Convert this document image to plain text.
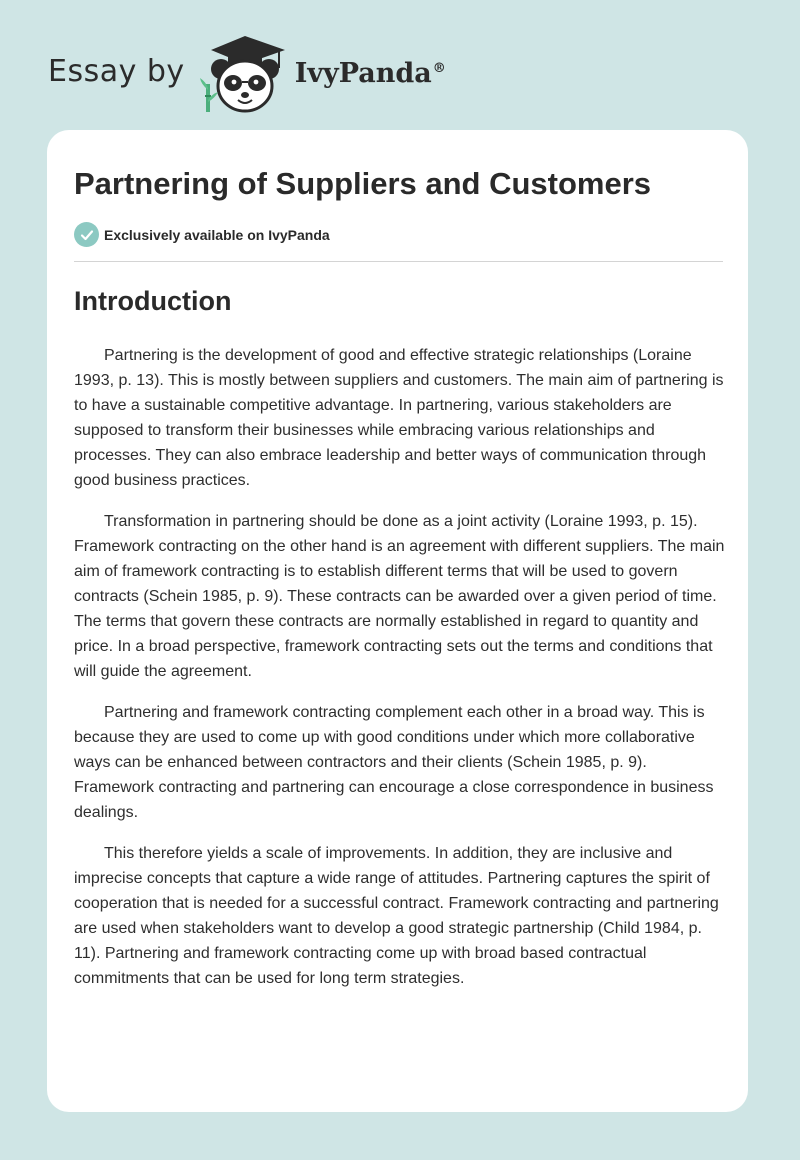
Essay by	IvyPanda®
Partnering of Suppliers and Customers
Exclusively available on IvyPanda
Introduction

Partnering is the development of good and effective strategic relationships (Loraine 1993, p. 13). This is mostly between suppliers and customers. The main aim of partnering is to have a sustainable competitive advantage. In partnering, various stakeholders are supposed to transform their businesses while embracing various relationships and processes. They can also embrace leadership and better ways of communication through good business practices.

Transformation in partnering should be done as a joint activity (Loraine 1993, p. 15). Framework contracting on the other hand is an agreement with different suppliers. The main aim of framework contracting is to establish different terms that will be used to govern contracts (Schein 1985, p. 9). These contracts can be awarded over a given period of time. The terms that govern these contracts are normally established in regard to quantity and price. In a broad perspective, framework contracting sets out the terms and conditions that will guide the agreement.

Partnering and framework contracting complement each other in a broad way. This is because they are used to come up with good conditions under which more collaborative ways can be enhanced between contractors and their clients (Schein 1985, p. 9). Framework contracting and partnering can encourage a close correspondence in business dealings.

This therefore yields a scale of improvements. In addition, they are inclusive and imprecise concepts that capture a wide range of attitudes. Partnering captures the spirit of cooperation that is needed for a successful contract. Framework contracting and partnering are used when stakeholders want to develop a good strategic partnership (Child 1984, p. 11). Partnering and framework contracting come up with broad based contractual commitments that can be used for long term strategies.
